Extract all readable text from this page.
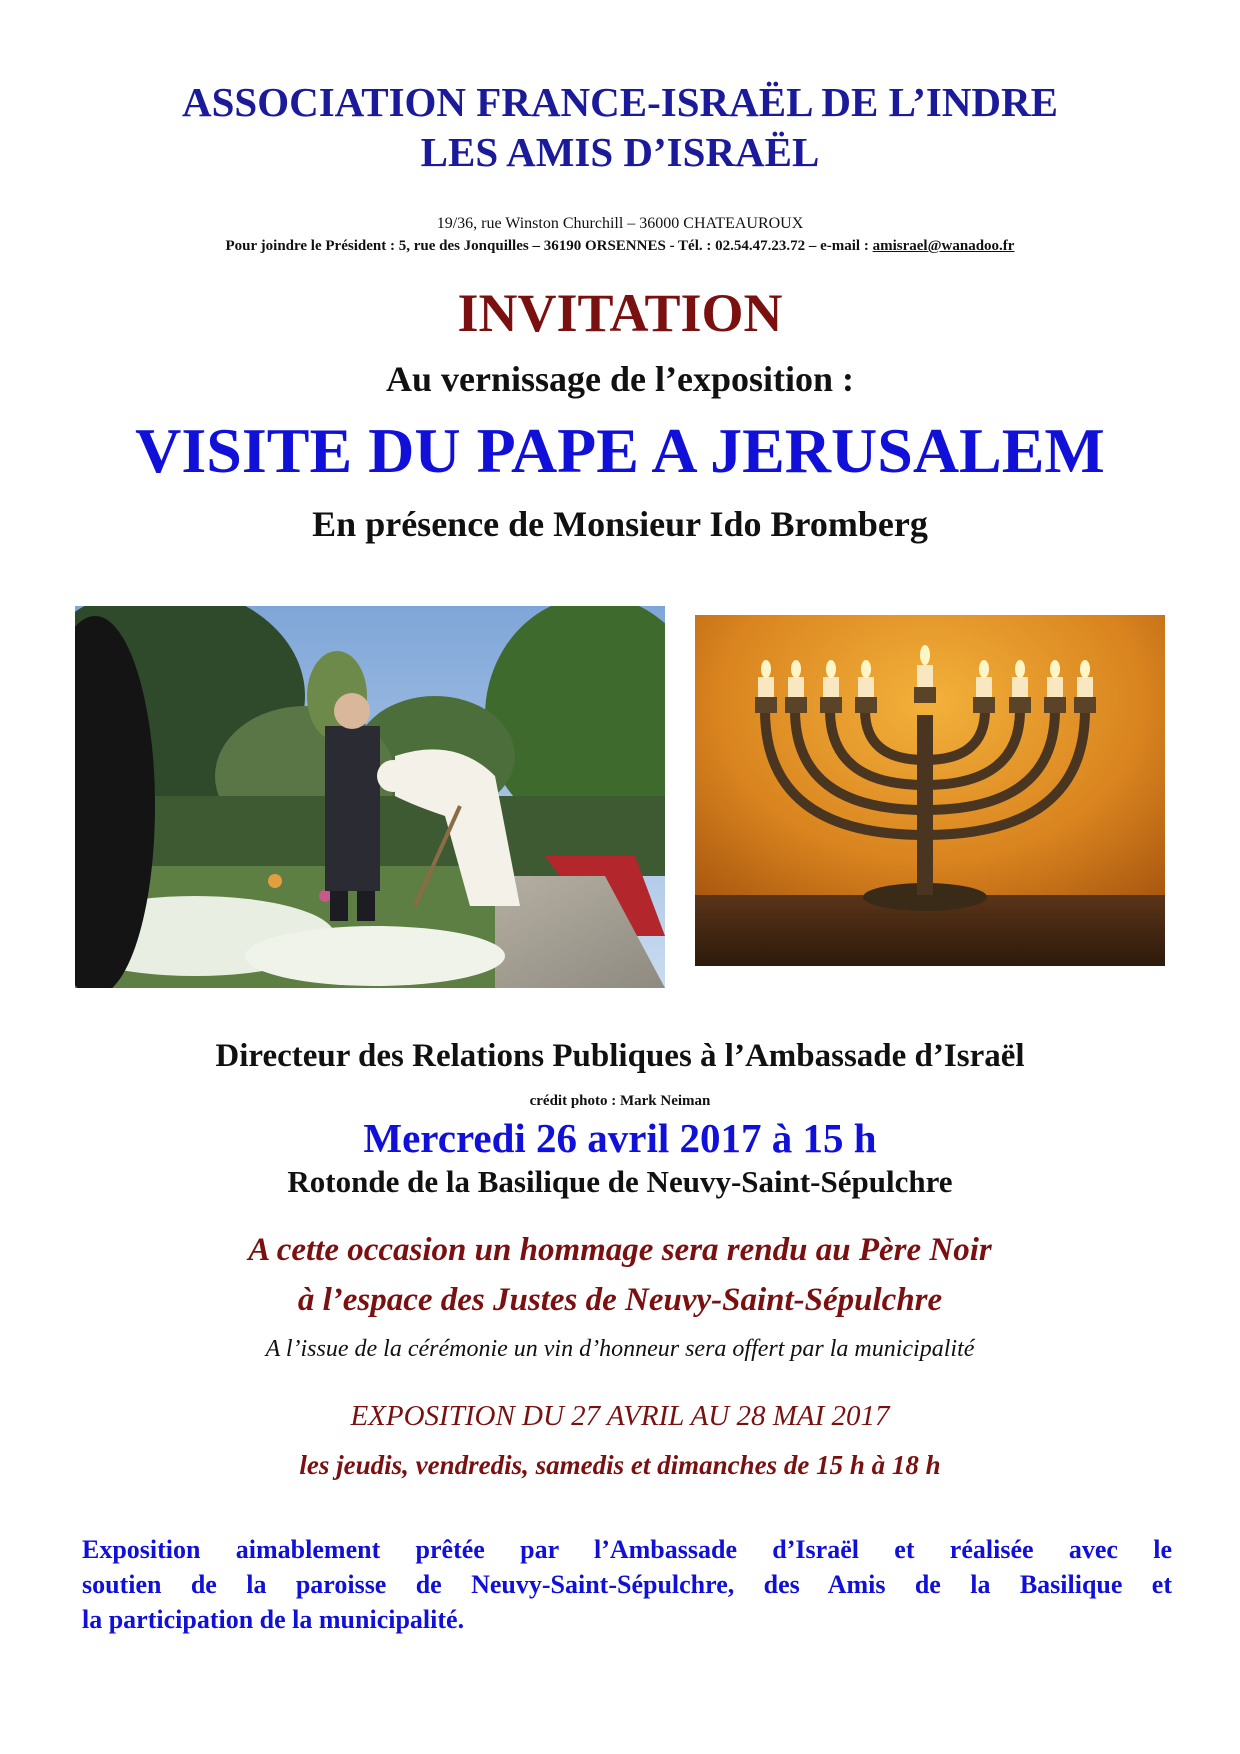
ASSOCIATION FRANCE-ISRAËL DE L’INDRE
LES AMIS D’ISRAËL
19/36, rue Winston Churchill – 36000 CHATEAUROUX
Pour joindre le Président : 5, rue des Jonquilles – 36190 ORSENNES - Tél. : 02.54.47.23.72 – e-mail : amisrael@wanadoo.fr
INVITATION
Au vernissage de l’exposition :
VISITE DU PAPE A JERUSALEM
En présence de Monsieur Ido Bromberg
Directeur des Relations Publiques à l’Ambassade d’Israël
crédit photo : Mark Neiman
Mercredi 26 avril 2017 à 15 h
Rotonde de la Basilique de Neuvy-Saint-Sépulchre
A cette occasion un hommage sera rendu au Père Noir
à l’espace des Justes de Neuvy-Saint-Sépulchre
A l’issue de la cérémonie un vin d’honneur sera offert par la municipalité
EXPOSITION DU 27 AVRIL AU 28 MAI 2017
les jeudis, vendredis, samedis et dimanches de 15 h à 18 h
Exposition aimablement prêtée par l’Ambassade d’Israël et réalisée avec le
soutien de la paroisse de Neuvy-Saint-Sépulchre, des Amis de la Basilique et
la participation de la municipalité.
